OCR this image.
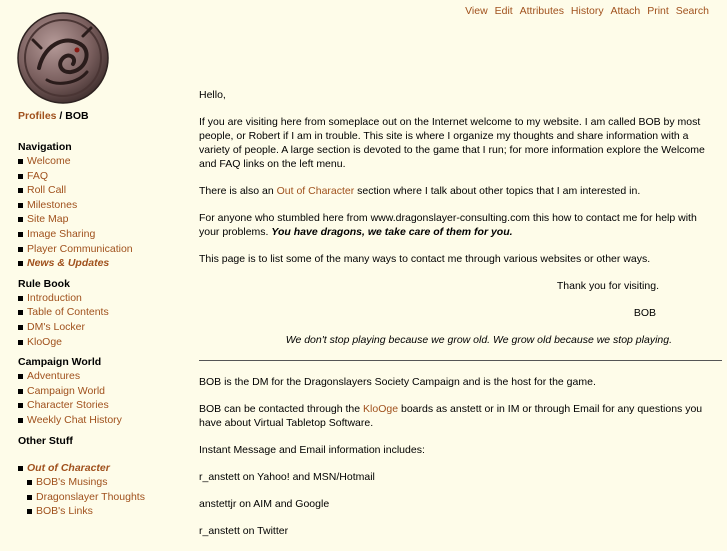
View Edit Attributes History Attach Print Search
Profiles / BOB
Navigation
Welcome
FAQ
Roll Call
Milestones
Site Map
Image Sharing
Player Communication
News & Updates
Rule Book
Introduction
Table of Contents
DM's Locker
KloOge
Campaign World
Adventures
Campaign World
Character Stories
Weekly Chat History
Other Stuff
Out of Character
BOB's Musings
Dragonslayer Thoughts
BOB's Links

Hello,

If you are visiting here from someplace out on the Internet welcome to my website. I am called BOB by most people, or Robert if I am in trouble. This site is where I organize my thoughts and share information with a variety of people. A large section is devoted to the game that I run; for more information explore the Welcome and FAQ links on the left menu.

There is also an Out of Character section where I talk about other topics that I am interested in.

For anyone who stumbled here from www.dragonslayer-consulting.com this how to contact me for help with your problems. You have dragons, we take care of them for you.

This page is to list some of the many ways to contact me through various websites or other ways.

Thank you for visiting.

BOB

We don't stop playing because we grow old. We grow old because we stop playing.

BOB is the DM for the Dragonslayers Society Campaign and is the host for the game.

BOB can be contacted through the KloOge boards as anstett or in IM or through Email for any questions you have about Virtual Tabletop Software.

Instant Message and Email information includes:

r_anstett on Yahoo! and MSN/Hotmail

anstettjr on AIM and Google

r_anstett on Twitter
